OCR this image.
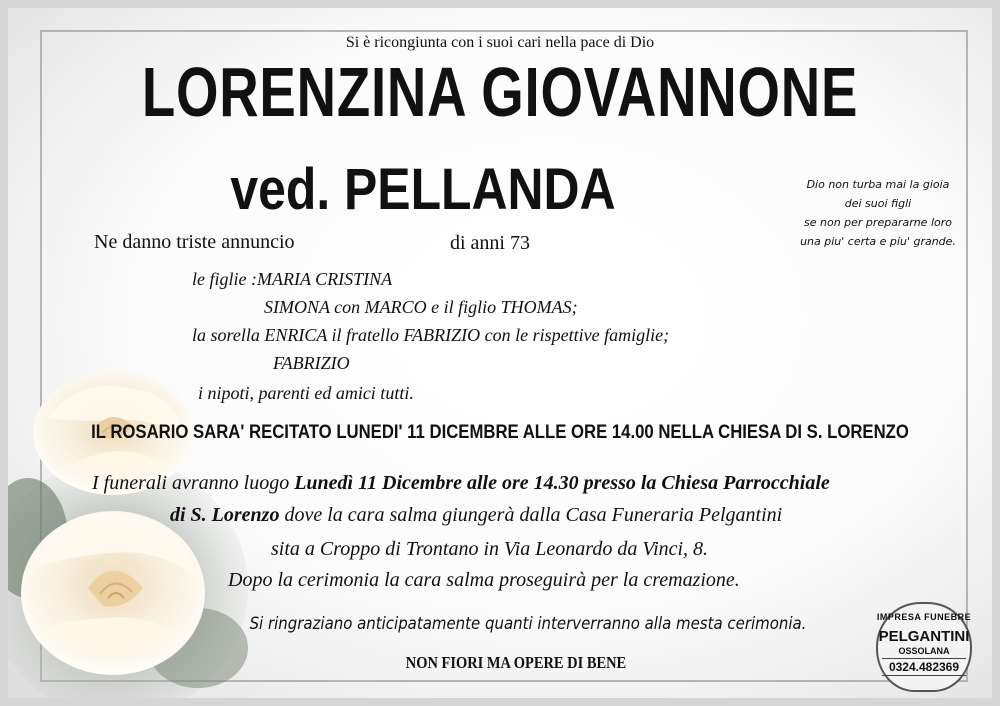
Si è ricongiunta con i suoi cari nella pace di Dio
LORENZINA GIOVANNONE
ved. PELLANDA	Dio non turba mai la gioia
dei suoi figli
se non per prepararne loro
una piu' certa e piu' grande.
Ne danno triste annuncio	di anni 73
le figlie :MARIA CRISTINA
SIMONA con MARCO e il figlio THOMAS;
la sorella ENRICA il fratello FABRIZIO con le rispettive famiglie;
FABRIZIO
i nipoti, parenti ed amici tutti.
IL ROSARIO SARA' RECITATO LUNEDI' 11 DICEMBRE ALLE ORE 14.00 NELLA CHIESA DI S. LORENZO
I funerali avranno luogo Lunedì 11 Dicembre alle ore 14.30 presso la Chiesa Parrocchiale
di S. Lorenzo dove la cara salma giungerà dalla Casa Funeraria Pelgantini
sita a Croppo di Trontano in Via Leonardo da Vinci, 8.
Dopo la cerimonia la cara salma proseguirà per la cremazione.
Si ringraziano anticipatamente quanti interverranno alla mesta cerimonia.
NON FIORI MA OPERE DI BENE
IMPRESA FUNEBRE
PELGANTINI
OSSOLANA
0324.482369
